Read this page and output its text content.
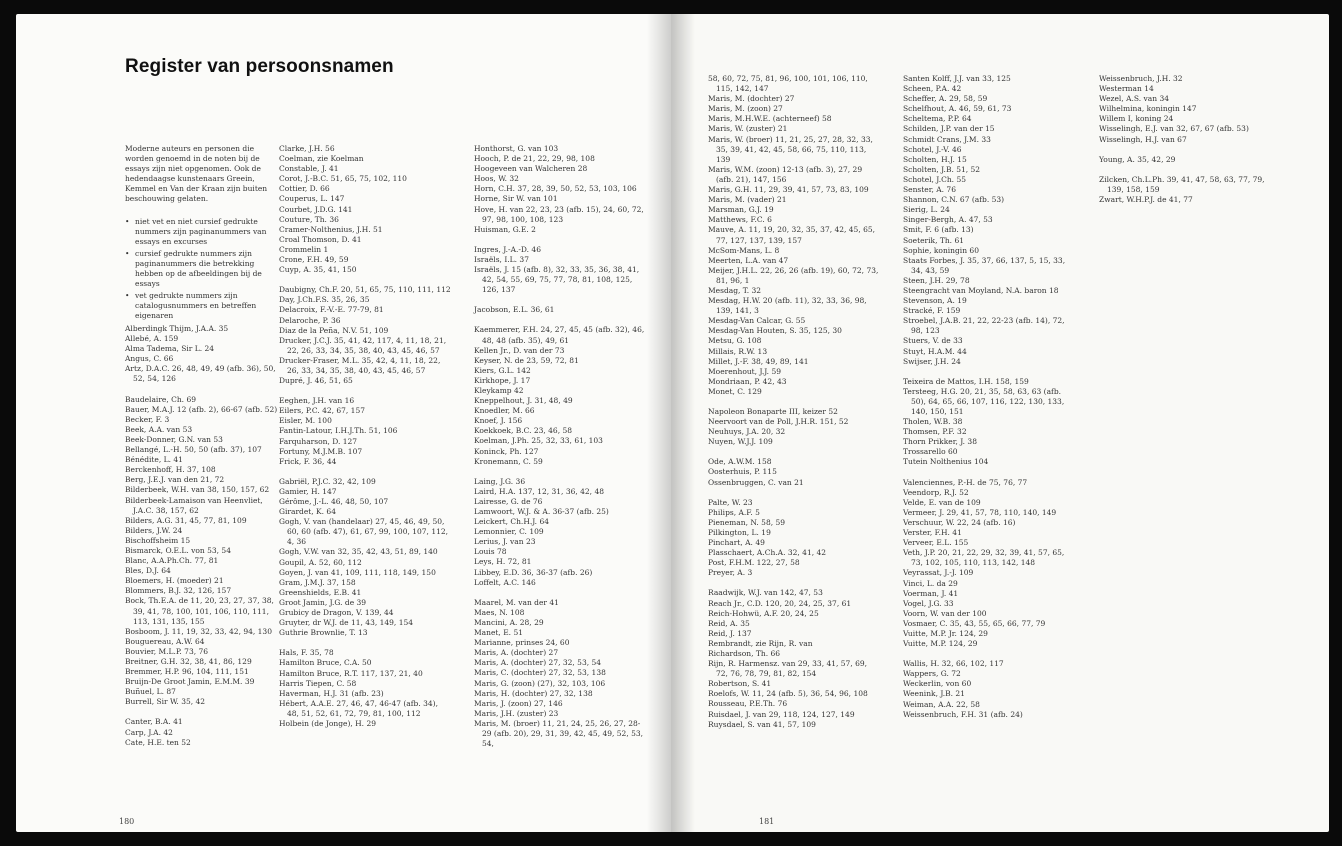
Register van persoonsnamen

Moderne auteurs en personen die worden genoemd in de noten bij de essays zijn niet opgenomen. Ook de hedendaagse kunstenaars Greein, Kemmel en Van der Kraan zijn buiten beschouwing gelaten.

• niet vet en niet cursief gedrukte nummers zijn paginanummers van essays en excurses
• cursief gedrukte nummers zijn paginanummers die betrekking hebben op de afbeeldingen bij de essays
• vet gedrukte nummers zijn catalogusnummers en betreffen eigenaren

Alberdingk Thijm, J.A.A. 35

Allebé, A. 159

Alma Tadema, Sir L. 24

Angus, C. 66

Artz, D.A.C. 26, 48, 49, 49 (afb. 36), 50, 52, 54, 126

Baudelaire, Ch. 69

Bauer, M.A.J. 12 (afb. 2), 66-67 (afb. 52)

Becker, F. 3

Beek, A.A. van 53

Beek-Donner, G.N. van 53

Bellangé, L.-H. 50, 50 (afb. 37), 107

Bénédite, L. 41

Berckenhoff, H. 37, 108

Berg, J.E.J. van den 21, 72

Bilderbeek, W.H. van 38, 150, 157, 62

Bilderbeek-Lamaison van Heenvliet, J.A.C. 38, 157, 62

Bilders, A.G. 31, 45, 77, 81, 109

Bilders, J.W. 24

Bischoffsheim 15

Bismarck, O.E.L. von 53, 54

Blanc, A.A.Ph.Ch. 77, 81

Bles, D.J. 64

Bloemers, H. (moeder) 21

Blommers, B.J. 32, 126, 157

Bock, Th.E.A. de 11, 20, 23, 27, 37, 38, 39, 41, 78, 100, 101, 106, 110, 111, 113, 131, 135, 155

Bosboom, J. 11, 19, 32, 33, 42, 94, 130

Bouguereau, A.W. 64

Bouvier, M.L.P. 73, 76

Breitner, G.H. 32, 38, 41, 86, 129

Bremmer, H.P. 96, 104, 111, 151

Bruijn-De Groot Jamin, E.M.M. 39

Buñuel, L. 87

Burrell, Sir W. 35, 42

Canter, B.A. 41

Carp, J.A. 42

Cate, H.E. ten 52

Clarke, J.H. 56

Coelman, zie Koelman

Constable, J. 41

Corot, J.-B.C. 51, 65, 75, 102, 110

Cottier, D. 66

Couperus, L. 147

Courbet, J.D.G. 141

Couture, Th. 36

Cramer-Nolthenius, J.H. 51

Croal Thomson, D. 41

Crommelin 1

Crone, F.H. 49, 59

Cuyp, A. 35, 41, 150

Daubigny, Ch.F. 20, 51, 65, 75, 110, 111, 112

Day, J.Ch.F.S. 35, 26, 35

Delacroix, F.-V.-E. 77-79, 81

Delaroche, P. 36

Diaz de la Peña, N.V. 51, 109

Drucker, J.C.J. 35, 41, 42, 117, 4, 11, 18, 21, 22, 26, 33, 34, 35, 38, 40, 43, 45, 46, 57

Drucker-Fraser, M.L. 35, 42, 4, 11, 18, 22, 26, 33, 34, 35, 38, 40, 43, 45, 46, 57

Dupré, J. 46, 51, 65

Eeghen, J.H. van 16

Eilers, P.C. 42, 67, 157

Eisler, M. 100

Fantin-Latour, I.H.J.Th. 51, 106

Farquharson, D. 127

Fortuny, M.J.M.B. 107

Frick, F. 36, 44

Gabriël, P.J.C. 32, 42, 109

Gamier, H. 147

Gérôme, J.-L. 46, 48, 50, 107

Girardet, K. 64

Gogh, V. van (handelaar) 27, 45, 46, 49, 50, 60, 60 (afb. 47), 61, 67, 99, 100, 107, 112, 4, 36

Gogh, V.W. van 32, 35, 42, 43, 51, 89, 140

Goupil, A. 52, 60, 112

Goyen, J. van 41, 109, 111, 118, 149, 150

Gram, J.M.J. 37, 158

Greenshields, E.B. 41

Groot Jamin, J.G. de 39

Grubicy de Dragon, V. 139, 44

Gruyter, dr W.J. de 11, 43, 149, 154

Guthrie Brownlie, T. 13

Hals, F. 35, 78

Hamilton Bruce, C.A. 50

Hamilton Bruce, R.T. 117, 137, 21, 40

Harris Tiepen, C. 58

Haverman, H.J. 31 (afb. 23)

Hébert, A.A.E. 27, 46, 47, 46-47 (afb. 34), 48, 51, 52, 61, 72, 79, 81, 100, 112

Holbein (de Jonge), H. 29

Honthorst, G. van 103

Hooch, P. de 21, 22, 29, 98, 108

Hoogeveen van Walcheren 28

Hoos, W. 32

Horn, C.H. 37, 28, 39, 50, 52, 53, 103, 106

Horne, Sir W. van 101

Hove, H. van 22, 23, 23 (afb. 15), 24, 60, 72, 97, 98, 100, 108, 123

Huisman, G.E. 2

Ingres, J.-A.-D. 46

Israëls, I.L. 37

Israëls, J. 15 (afb. 8), 32, 33, 35, 36, 38, 41, 42, 54, 55, 69, 75, 77, 78, 81, 108, 125, 126, 137

Jacobson, E.L. 36, 61

Kaemmerer, F.H. 24, 27, 45, 45 (afb. 32), 46, 48, 48 (afb. 35), 49, 61

Kellen Jr., D. van der 73

Keyser, N. de 23, 59, 72, 81

Kiers, G.L. 142

Kirkhope, J. 17

Kleykamp 42

Kneppelhout, J. 31, 48, 49

Knoedler, M. 66

Knoef, J. 156

Koekkoek, B.C. 23, 46, 58

Koelman, J.Ph. 25, 32, 33, 61, 103

Koninck, Ph. 127

Kronemann, C. 59

Laing, J.G. 36

Laird, H.A. 137, 12, 31, 36, 42, 48

Lairesse, G. de 76

Lamwoort, W.J. & A. 36-37 (afb. 25)

Leickert, Ch.H.J. 64

Lemonnier, C. 109

Lerius, J. van 23

Louis 78

Leys, H. 72, 81

Libbey, E.D. 36, 36-37 (afb. 26)

Loffelt, A.C. 146

Maarel, M. van der 41

Maes, N. 108

Mancini, A. 28, 29

Manet, E. 51

Marianne, prinses 24, 60

Maris, A. (dochter) 27

Maris, A. (dochter) 27, 32, 53, 54

Maris, C. (dochter) 27, 32, 53, 138

Maris, G. (zoon) (27), 32, 103, 106

Maris, H. (dochter) 27, 32, 138

Maris, J. (zoon) 27, 146

Maris, J.H. (zuster) 23

Maris, M. (broer) 11, 21, 24, 25, 26, 27, 28-29 (afb. 20), 29, 31, 39, 42, 45, 49, 52, 53, 54,

180

58, 60, 72, 75, 81, 96, 100, 101, 106, 110, 115, 142, 147

Maris, M. (dochter) 27

Maris, M. (zoon) 27

Maris, M.H.W.E. (achterneef) 58

Maris, W. (zuster) 21

Maris, W. (broer) 11, 21, 25, 27, 28, 32, 33, 35, 39, 41, 42, 45, 58, 66, 75, 110, 113, 139

Maris, W.M. (zoon) 12-13 (afb. 3), 27, 29 (afb. 21), 147, 156

Maris, G.H. 11, 29, 39, 41, 57, 73, 83, 109

Maris, M. (vader) 21

Marsman, G.J. 19

Matthews, F.C. 6

Mauve, A. 11, 19, 20, 32, 35, 37, 42, 45, 65, 77, 127, 137, 139, 157

McSom-Mans, L. 8

Meerten, L.A. van 47

Meijer, J.H.L. 22, 26, 26 (afb. 19), 60, 72, 73, 81, 96, 1

Mesdag, T. 32

Mesdag, H.W. 20 (afb. 11), 32, 33, 36, 98, 139, 141, 3

Mesdag-Van Calcar, G. 55

Mesdag-Van Houten, S. 35, 125, 30

Metsu, G. 108

Millais, R.W. 13

Millet, J.-F. 38, 49, 89, 141

Moerenhout, J.J. 59

Mondriaan, P. 42, 43

Monet, C. 129

Napoleon Bonaparte III, keizer 52

Neervoort van de Poll, J.H.R. 151, 52

Neuhuys, J.A. 20, 32

Nuyen, W.J.J. 109

Ode, A.W.M. 158

Oosterhuis, P. 115

Ossenbruggen, C. van 21

Palte, W. 23

Philips, A.F. 5

Pieneman, N. 58, 59

Pilkington, L. 19

Pinchart, A. 49

Plasschaert, A.Ch.A. 32, 41, 42

Post, F.H.M. 122, 27, 58

Preyer, A. 3

Raadwijk, W.J. van 142, 47, 53

Reach Jr., C.D. 120, 20, 24, 25, 37, 61

Reich-Hohwü, A.F. 20, 24, 25

Reid, A. 35

Reid, J. 137

Rembrandt, zie Rijn, R. van

Richardson, Th. 66

Rijn, R. Harmensz. van 29, 33, 41, 57, 69, 72, 76, 78, 79, 81, 82, 154

Robertson, S. 41

Roelofs, W. 11, 24 (afb. 5), 36, 54, 96, 108

Rousseau, P.E.Th. 76

Ruisdael, J. van 29, 118, 124, 127, 149

Ruysdael, S. van 41, 57, 109

Santen Kolff, J.J. van 33, 125

Scheen, P.A. 42

Scheffer, A. 29, 58, 59

Schelfhout, A. 46, 59, 61, 73

Scheltema, P.P. 64

Schilden, J.P. van der 15

Schmidt Crans, J.M. 33

Schotel, J.-V. 46

Scholten, H.J. 15

Scholten, J.B. 51, 52

Schotel, J.Ch. 55

Senster, A. 76

Shannon, C.N. 67 (afb. 53)

Sierig, L. 24

Singer-Bergh, A. 47, 53

Smit, F. 6 (afb. 13)

Soeterik, Th. 61

Sophie, koningin 60

Staats Forbes, J. 35, 37, 66, 137, 5, 15, 33, 34, 43, 59

Steen, J.H. 29, 78

Steengracht van Moyland, N.A. baron 18

Stevenson, A. 19

Stracké, F. 159

Stroebel, J.A.B. 21, 22, 22-23 (afb. 14), 72, 98, 123

Stuers, V. de 33

Stuyt, H.A.M. 44

Swijser, J.H. 24

Teixeira de Mattos, I.H. 158, 159

Tersteeg, H.G. 20, 21, 35, 58, 63, 63 (afb. 50), 64, 65, 66, 107, 116, 122, 130, 133, 140, 150, 151

Tholen, W.B. 38

Thomsen, P.F. 32

Thorn Prikker, J. 38

Trossarello 60

Tutein Nolthenius 104

Valenciennes, P.-H. de 75, 76, 77

Veendorp, R.J. 52

Velde, E. van de 109

Vermeer, J. 29, 41, 57, 78, 110, 140, 149

Verschuur, W. 22, 24 (afb. 16)

Verster, F.H. 41

Verveer, E.L. 155

Veth, J.P. 20, 21, 22, 29, 32, 39, 41, 57, 65, 73, 102, 105, 110, 113, 142, 148

Veyrassat, J.-J. 109

Vinci, L. da 29

Voerman, J. 41

Vogel, J.G. 33

Voorn, W. van der 100

Vosmaer, C. 35, 43, 55, 65, 66, 77, 79

Vuitte, M.P. Jr. 124, 29

Vuitte, M.P. 124, 29

Wallis, H. 32, 66, 102, 117

Wappers, G. 72

Weckerlin, von 60

Weenink, J.B. 21

Weiman, A.A. 22, 58

Weissenbruch, F.H. 31 (afb. 24)

Weissenbruch, J.H. 32

Westerman 14

Wezel, A.S. van 34

Wilhelmina, koningin 147

Willem I, koning 24

Wisselingh, E.J. van 32, 67, 67 (afb. 53)

Wisselingh, H.J. van 67

Young, A. 35, 42, 29

Zilcken, Ch.L.Ph. 39, 41, 47, 58, 63, 77, 79, 139, 158, 159

Zwart, W.H.P.J. de 41, 77

181
